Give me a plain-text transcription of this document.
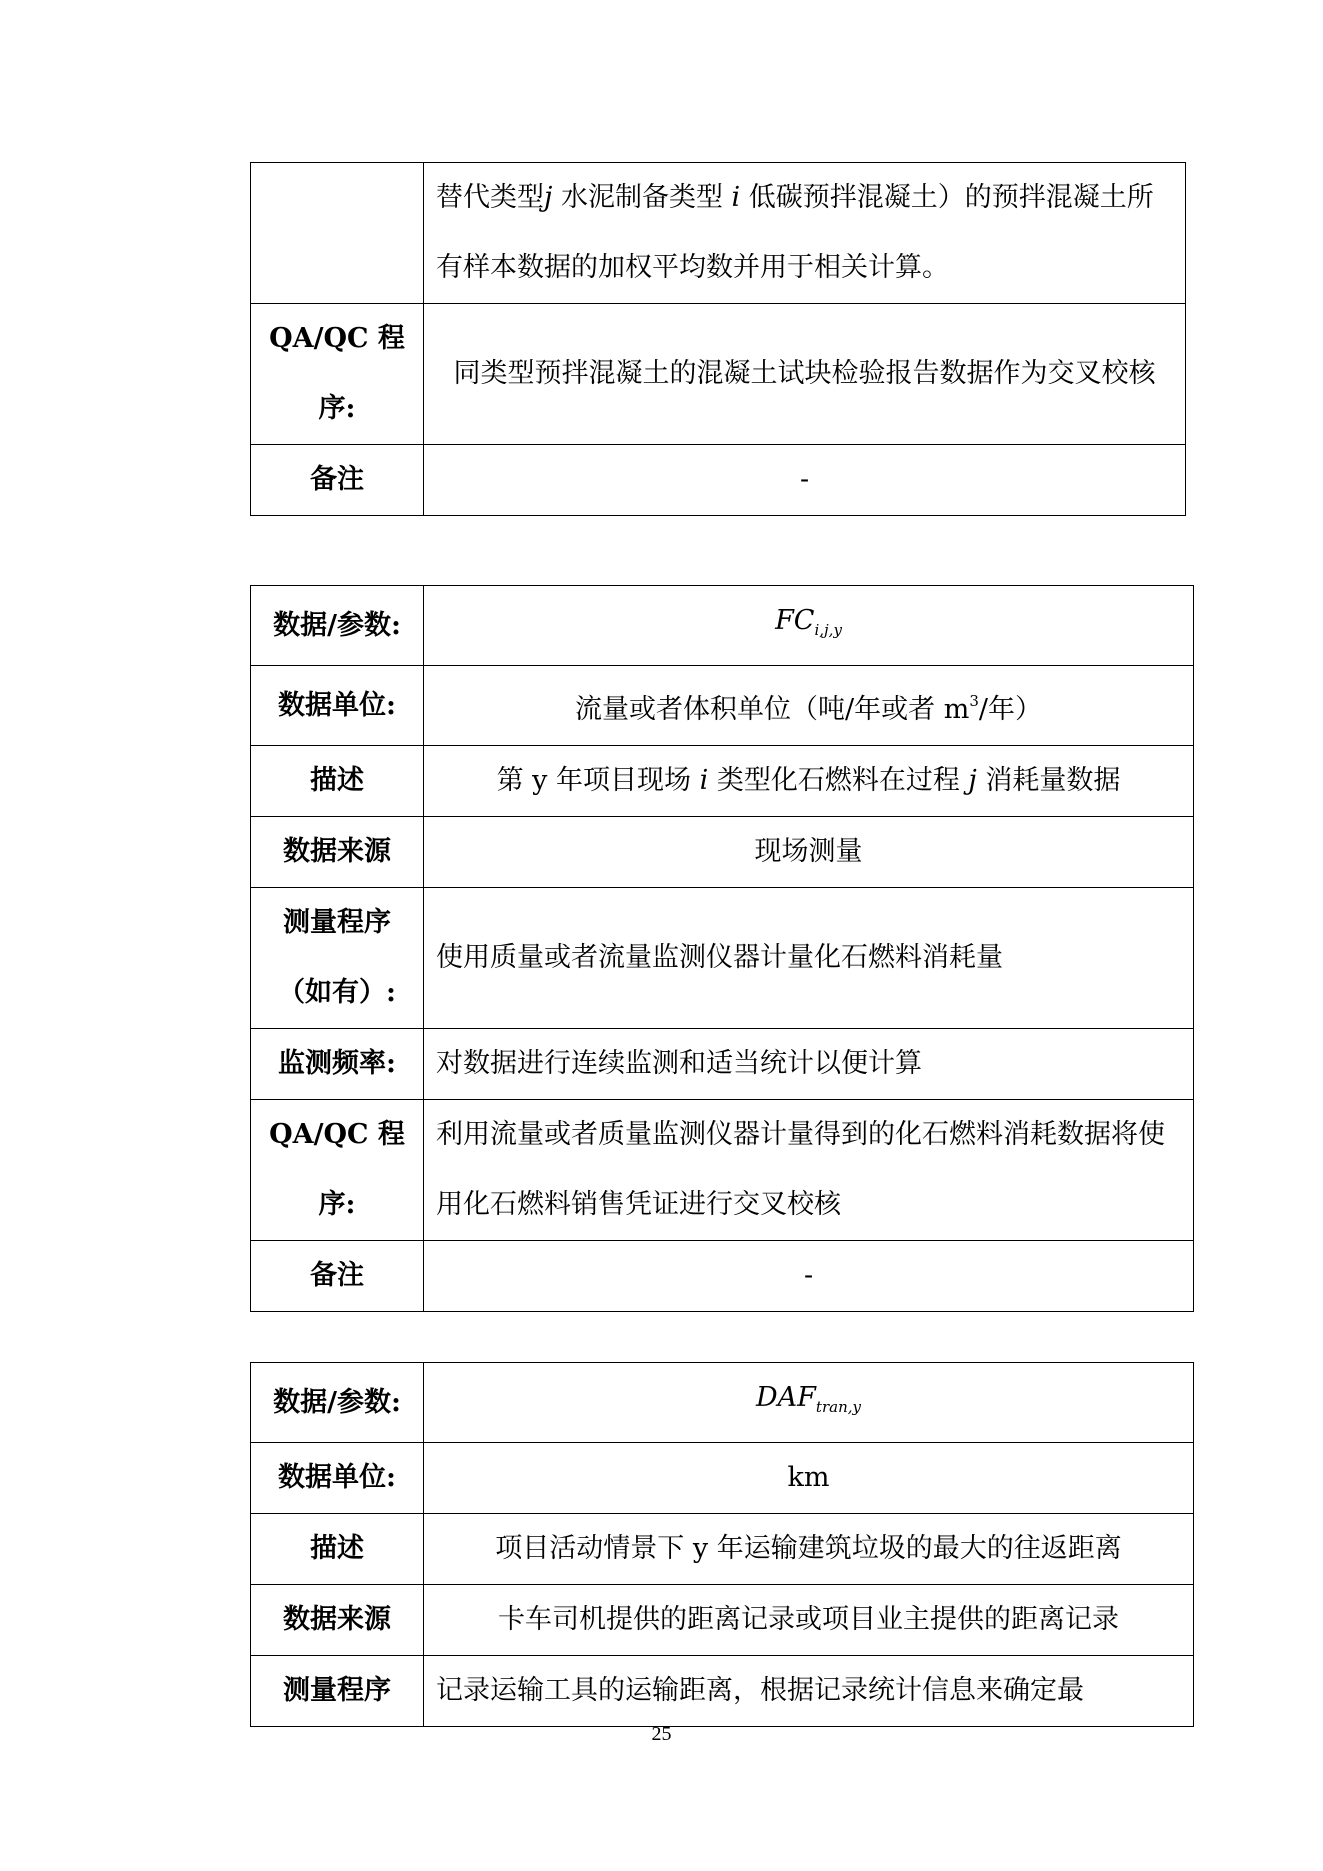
	替代类型j 水泥制备类型 i 低碳预拌混凝土）的预拌混凝土所有样本数据的加权平均数并用于相关计算。
QA/QC 程序:	同类型预拌混凝土的混凝土试块检验报告数据作为交叉校核
备注	-
数据/参数:	$FC_{i,j,y}$
数据单位:	流量或者体积单位（吨/年或者 $m^3/$年）
描述	第 y 年项目现场 i 类型化石燃料在过程 j 消耗量数据
数据来源	现场测量
测量程序（如有）:	使用质量或者流量监测仪器计量化石燃料消耗量
监测频率:	对数据进行连续监测和适当统计以便计算
QA/QC 程序:	利用流量或者质量监测仪器计量得到的化石燃料消耗数据将使用化石燃料销售凭证进行交叉校核
备注	-
数据/参数:	$DAF_{tran,y}$
数据单位:	km
描述	项目活动情景下 y 年运输建筑垃圾的最大的往返距离
数据来源	卡车司机提供的距离记录或项目业主提供的距离记录
测量程序	记录运输工具的运输距离，根据记录统计信息来确定最
25
